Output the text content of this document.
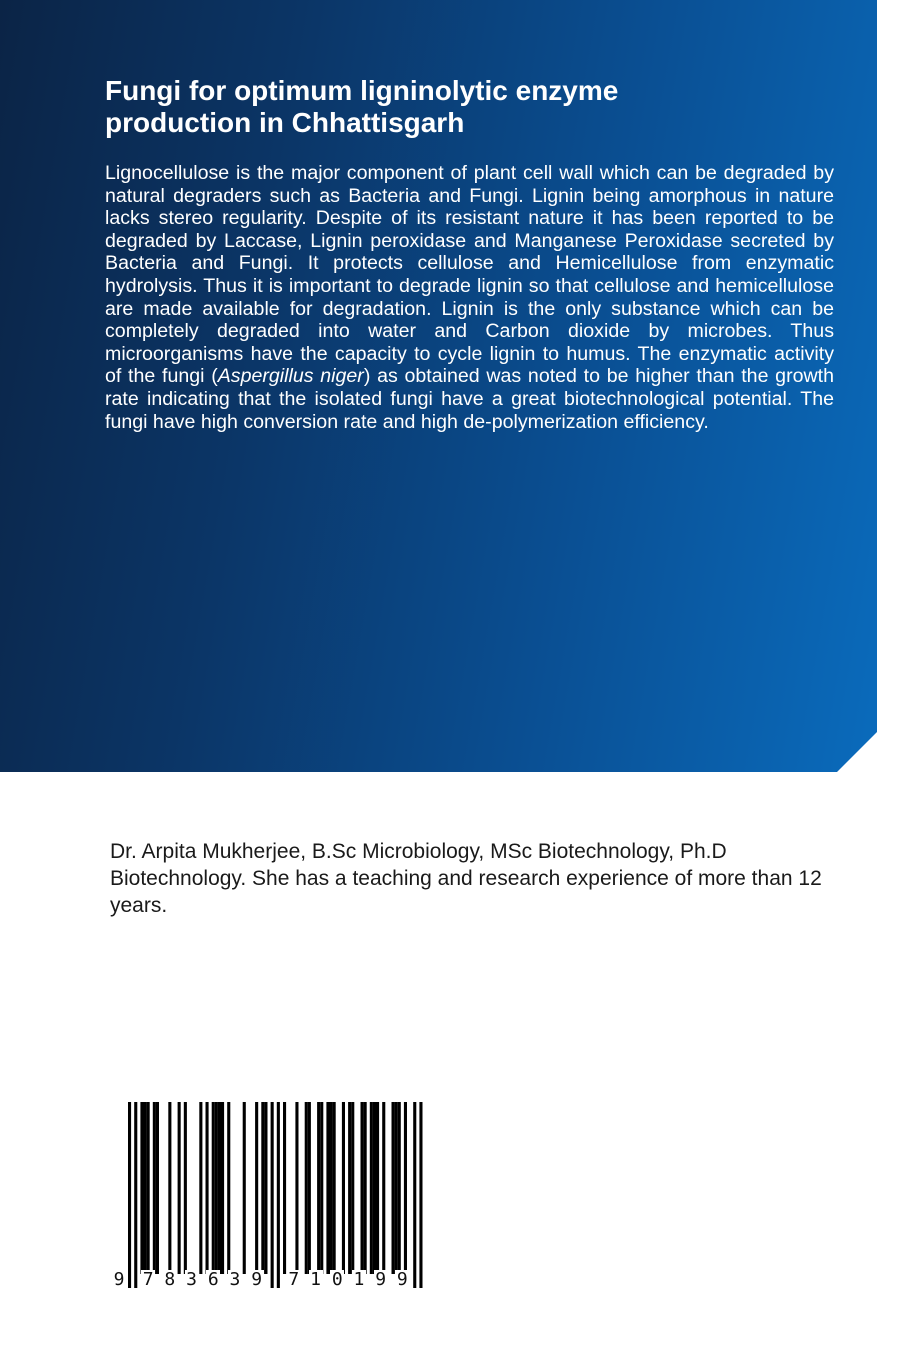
Fungi for optimum ligninolytic enzyme
production in Chhattisgarh

Lignocellulose is the major component of plant cell wall which can be degraded by natural degraders such as Bacteria and Fungi. Lignin being amorphous in nature lacks stereo regularity. Despite of its resistant nature it has been reported to be degraded by Laccase, Lignin peroxidase and Manganese Peroxidase secreted by Bacteria and Fungi. It protects cellulose and Hemicellulose from enzymatic hydrolysis. Thus it is important to degrade lignin so that cellulose and hemicellulose are made available for degradation. Lignin is the only substance which can be completely degraded into water and Carbon dioxide by microbes. Thus microorganisms have the capacity to cycle lignin to humus. The enzymatic activity of the fungi (Aspergillus niger) as obtained was noted to be higher than the growth rate indicating that the isolated fungi have a great biotechnological potential. The fungi have high conversion rate and high de-polymerization efficiency.

Dr. Arpita Mukherjee, B.Sc Microbiology, MSc Biotechnology, Ph.D Biotechnology. She has a teaching and research experience of more than 12 years.

9 7 8 3 6 3 9 7 1 0 1 9 9
